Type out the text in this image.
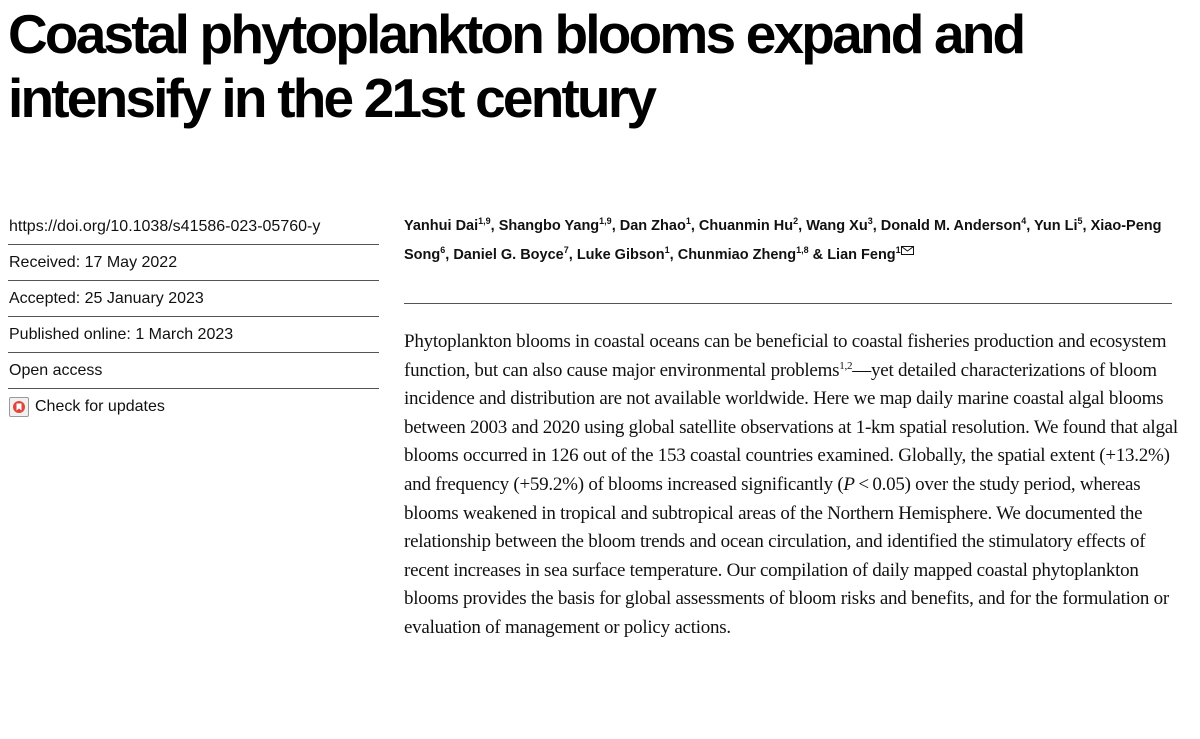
Coastal phytoplankton blooms expand and
intensify in the 21st century
https://doi.org/10.1038/s41586-023-05760-y
Received: 17 May 2022
Accepted: 25 January 2023
Published online: 1 March 2023
Open access
Check for updates
Yanhui Dai$^{1,9}$, Shangbo Yang$^{1,9}$, Dan Zhao$^1$, Chuanmin Hu$^2$, Wang Xu$^3$, Donald M. Anderson$^4$, Yun Li$^5$, Xiao-Peng Song$^6$, Daniel G. Boyce$^7$, Luke Gibson$^1$, Chunmiao Zheng$^{1,8}$ & Lian Feng$^1$

Phytoplankton blooms in coastal oceans can be beneficial to coastal fisheries production and ecosystem function, but can also cause major environmental problems$^{1,2}$—yet detailed characterizations of bloom incidence and distribution are not available worldwide. Here we map daily marine coastal algal blooms between 2003 and 2020 using global satellite observations at 1-km spatial resolution. We found that algal blooms occurred in 126 out of the 153 coastal countries examined. Globally, the spatial extent (+13.2%) and frequency (+59.2%) of blooms increased significantly (P < 0.05) over the study period, whereas blooms weakened in tropical and subtropical areas of the Northern Hemisphere. We documented the relationship between the bloom trends and ocean circulation, and identified the stimulatory effects of recent increases in sea surface temperature. Our compilation of daily mapped coastal phytoplankton blooms provides the basis for global assessments of bloom risks and benefits, and for the formulation or evaluation of management or policy actions.
